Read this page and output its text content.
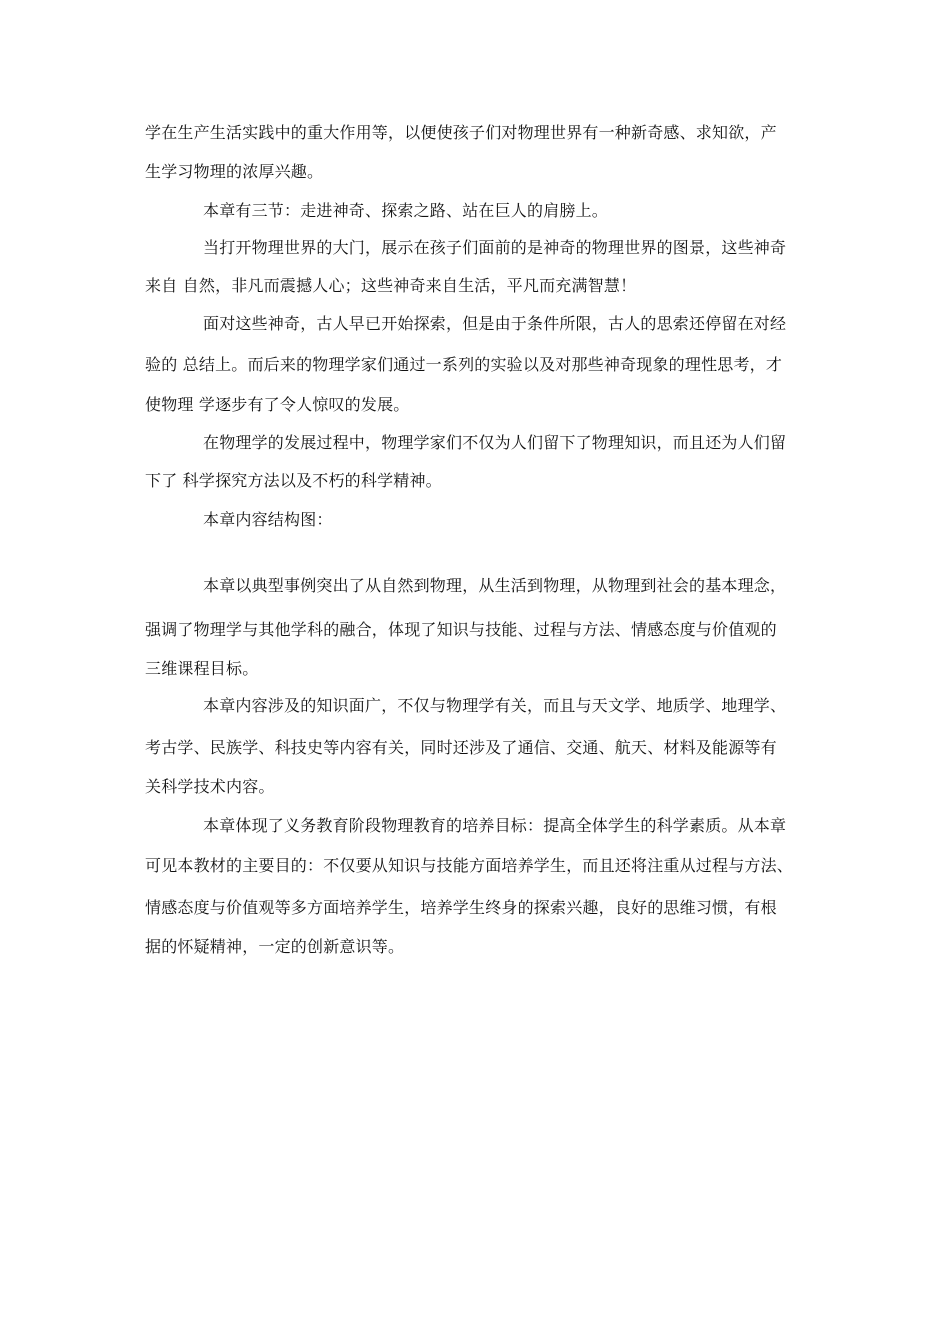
学在生产生活实践中的重大作用等，以便使孩子们对物理世界有一种新奇感、求知欲，产
生学习物理的浓厚兴趣。
本章有三节：走进神奇、探索之路、站在巨人的肩膀上。
当打开物理世界的大门，展示在孩子们面前的是神奇的物理世界的图景，这些神奇
来自 自然，非凡而震撼人心；这些神奇来自生活，平凡而充满智慧！
面对这些神奇，古人早已开始探索，但是由于条件所限，古人的思索还停留在对经
验的 总结上。而后来的物理学家们通过一系列的实验以及对那些神奇现象的理性思考，才
使物理 学逐步有了令人惊叹的发展。
在物理学的发展过程中，物理学家们不仅为人们留下了物理知识，而且还为人们留
下了 科学探究方法以及不朽的科学精神。
本章内容结构图：
本章以典型事例突出了从自然到物理，从生活到物理，从物理到社会的基本理念，
强调了物理学与其他学科的融合，体现了知识与技能、过程与方法、情感态度与价值观的
三维课程目标。
本章内容涉及的知识面广，不仅与物理学有关，而且与天文学、地质学、地理学、
考古学、民族学、科技史等内容有关，同时还涉及了通信、交通、航天、材料及能源等有
关科学技术内容。
本章体现了义务教育阶段物理教育的培养目标：提高全体学生的科学素质。从本章
可见本教材的主要目的：不仅要从知识与技能方面培养学生，而且还将注重从过程与方法、
情感态度与价值观等多方面培养学生，培养学生终身的探索兴趣，良好的思维习惯，有根
据的怀疑精神，一定的创新意识等。
